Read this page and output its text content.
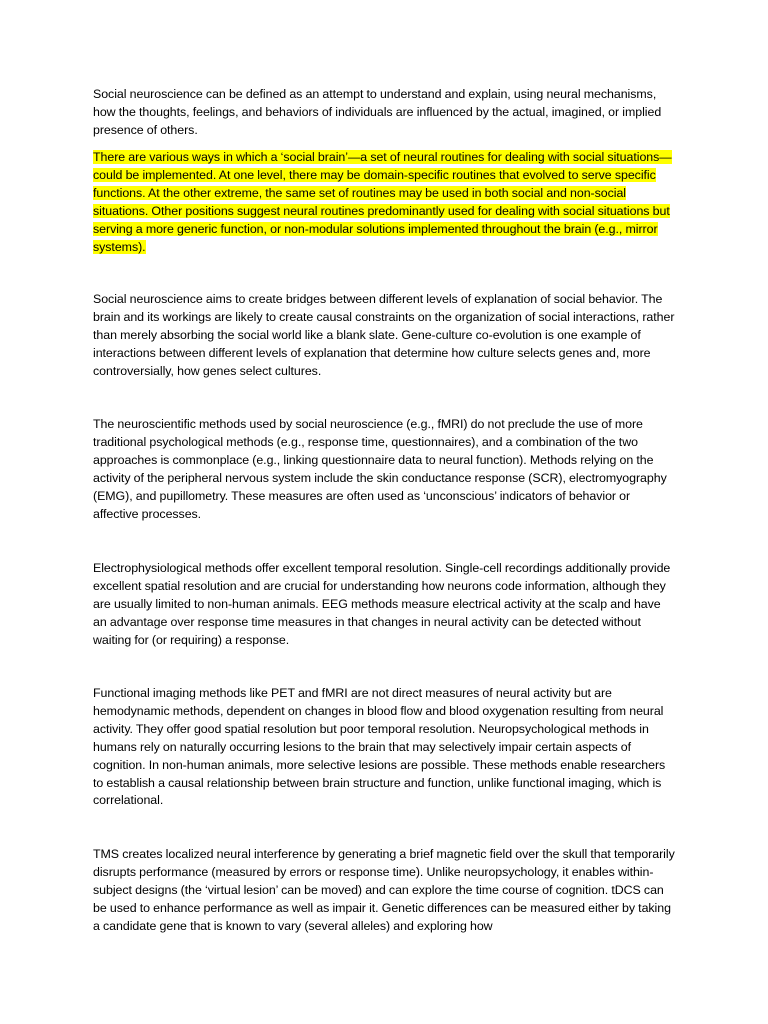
Social neuroscience can be defined as an attempt to understand and explain, using neural mechanisms, how the thoughts, feelings, and behaviors of individuals are influenced by the actual, imagined, or implied presence of others.

There are various ways in which a ‘social brain’—a set of neural routines for dealing with social situations—could be implemented. At one level, there may be domain-specific routines that evolved to serve specific functions. At the other extreme, the same set of routines may be used in both social and non-social situations. Other positions suggest neural routines predominantly used for dealing with social situations but serving a more generic function, or non-modular solutions implemented throughout the brain (e.g., mirror systems).

Social neuroscience aims to create bridges between different levels of explanation of social behavior. The brain and its workings are likely to create causal constraints on the organization of social interactions, rather than merely absorbing the social world like a blank slate. Gene-culture co-evolution is one example of interactions between different levels of explanation that determine how culture selects genes and, more controversially, how genes select cultures.

The neuroscientific methods used by social neuroscience (e.g., fMRI) do not preclude the use of more traditional psychological methods (e.g., response time, questionnaires), and a combination of the two approaches is commonplace (e.g., linking questionnaire data to neural function). Methods relying on the activity of the peripheral nervous system include the skin conductance response (SCR), electromyography (EMG), and pupillometry. These measures are often used as ‘unconscious’ indicators of behavior or affective processes.

Electrophysiological methods offer excellent temporal resolution. Single-cell recordings additionally provide excellent spatial resolution and are crucial for understanding how neurons code information, although they are usually limited to non-human animals. EEG methods measure electrical activity at the scalp and have an advantage over response time measures in that changes in neural activity can be detected without waiting for (or requiring) a response.

Functional imaging methods like PET and fMRI are not direct measures of neural activity but are hemodynamic methods, dependent on changes in blood flow and blood oxygenation resulting from neural activity. They offer good spatial resolution but poor temporal resolution. Neuropsychological methods in humans rely on naturally occurring lesions to the brain that may selectively impair certain aspects of cognition. In non-human animals, more selective lesions are possible. These methods enable researchers to establish a causal relationship between brain structure and function, unlike functional imaging, which is correlational.

TMS creates localized neural interference by generating a brief magnetic field over the skull that temporarily disrupts performance (measured by errors or response time). Unlike neuropsychology, it enables within-subject designs (the ‘virtual lesion’ can be moved) and can explore the time course of cognition. tDCS can be used to enhance performance as well as impair it. Genetic differences can be measured either by taking a candidate gene that is known to vary (several alleles) and exploring how
